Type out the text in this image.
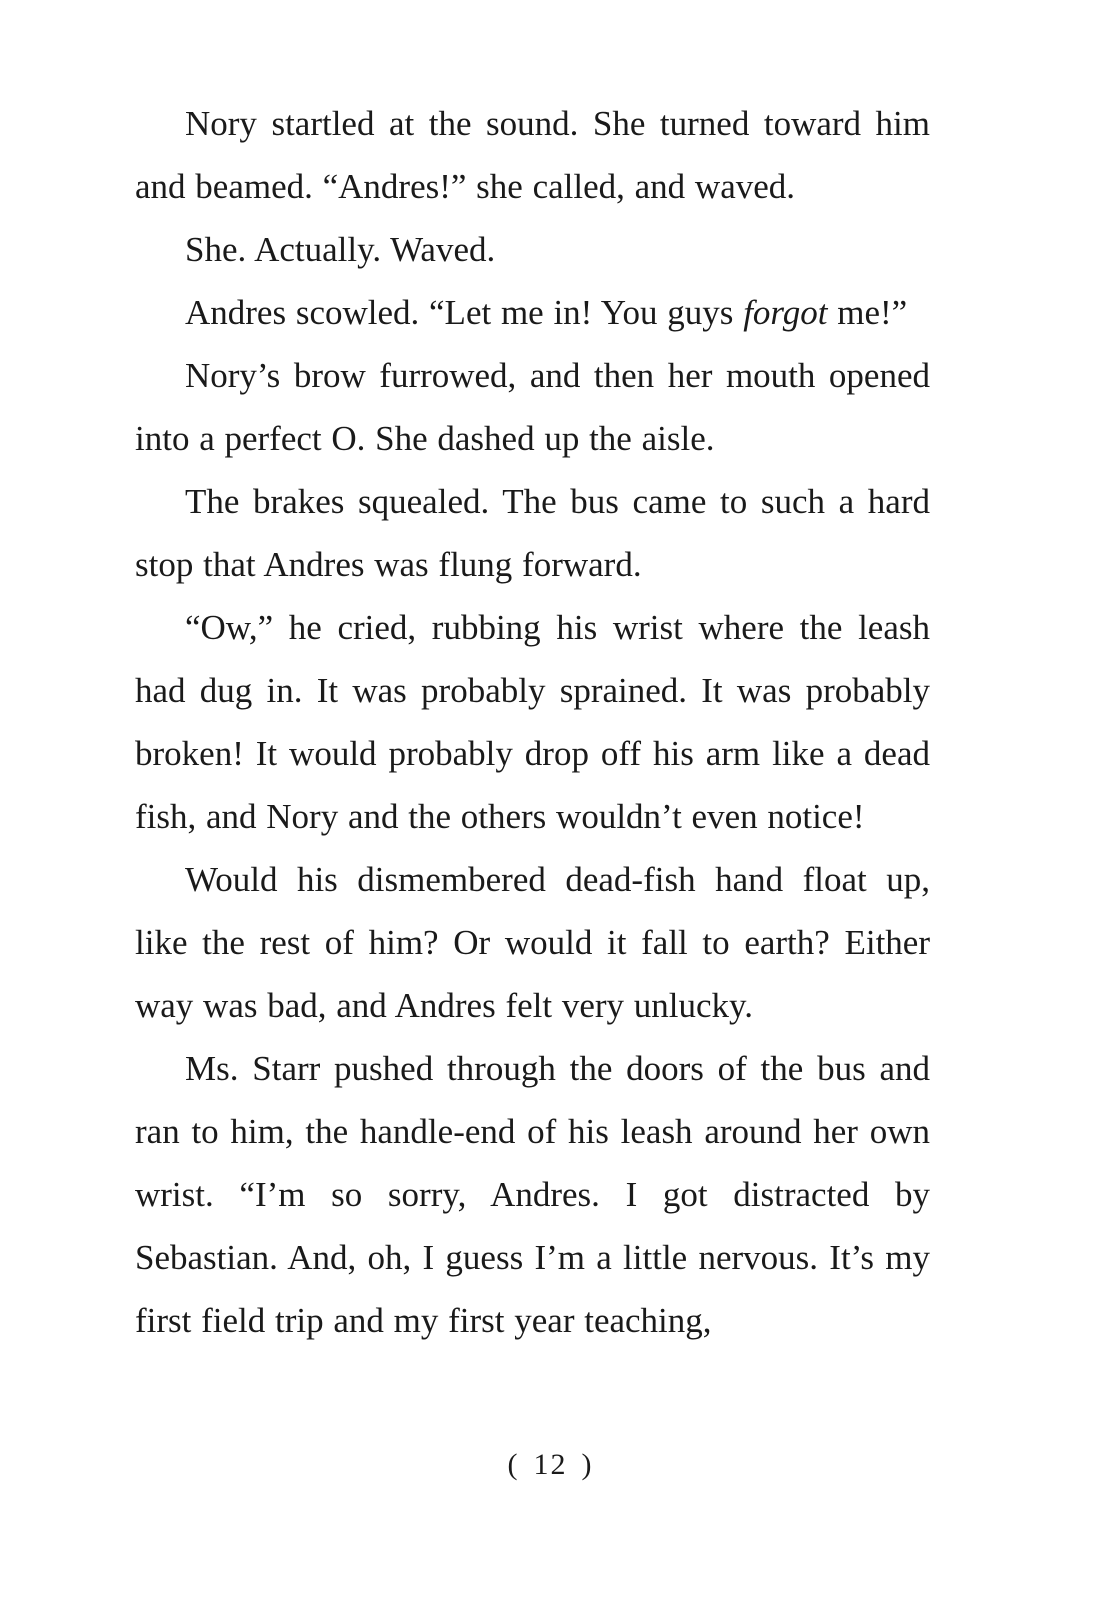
Nory startled at the sound. She turned toward him and beamed. “Andres!” she called, and waved.

She. Actually. Waved.

Andres scowled. “Let me in! You guys forgot me!”

Nory’s brow furrowed, and then her mouth opened into a perfect O. She dashed up the aisle.

The brakes squealed. The bus came to such a hard stop that Andres was flung forward.

“Ow,” he cried, rubbing his wrist where the leash had dug in. It was probably sprained. It was probably broken! It would probably drop off his arm like a dead fish, and Nory and the others wouldn’t even notice!

Would his dismembered dead-fish hand float up, like the rest of him? Or would it fall to earth? Either way was bad, and Andres felt very unlucky.

Ms. Starr pushed through the doors of the bus and ran to him, the handle-end of his leash around her own wrist. “I’m so sorry, Andres. I got distracted by Sebastian. And, oh, I guess I’m a little nervous. It’s my first field trip and my first year teaching,

( 12 )
